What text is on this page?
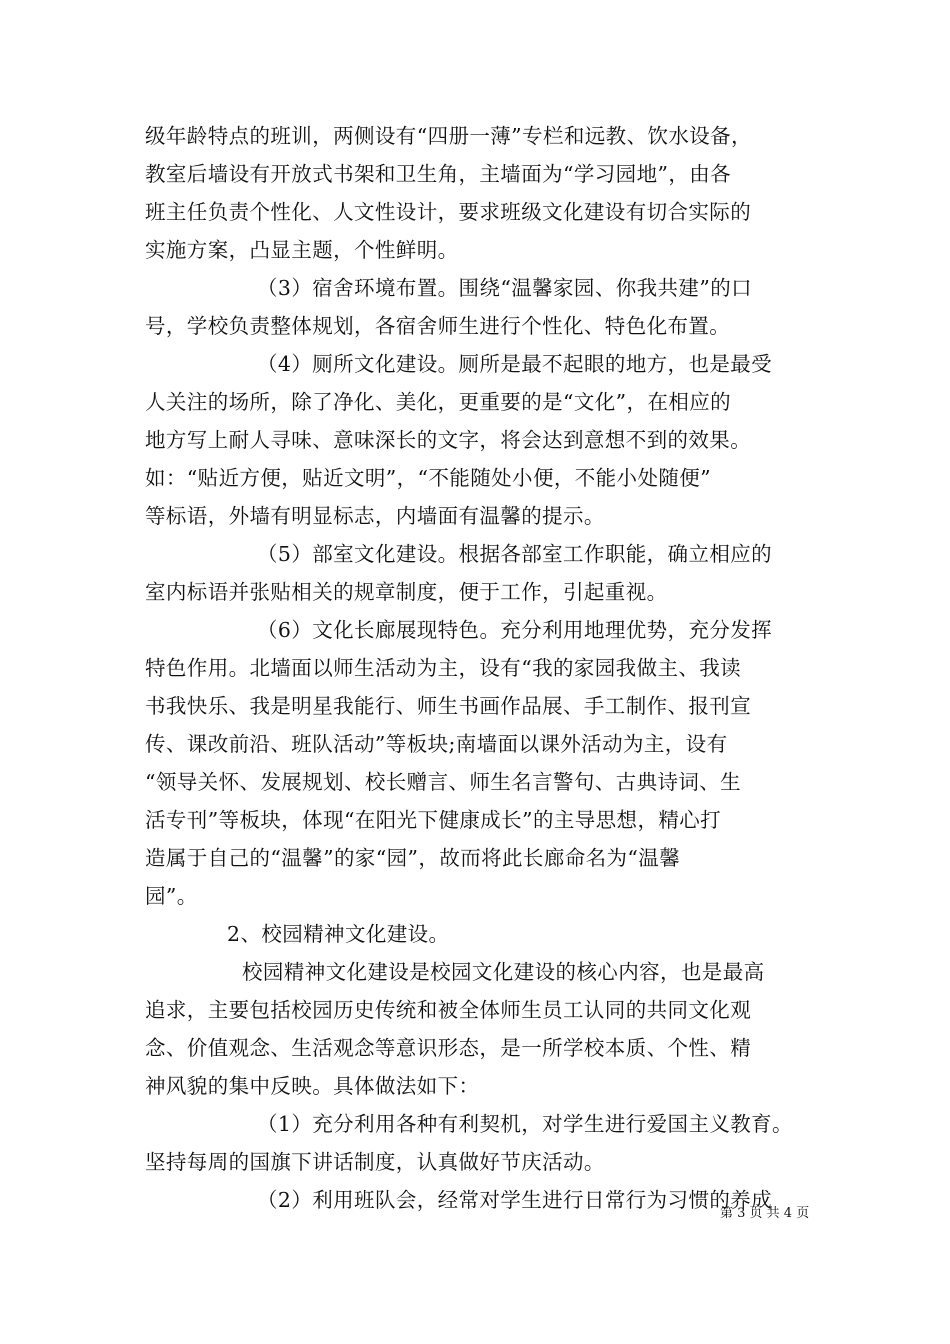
级年龄特点的班训，两侧设有“四册一薄”专栏和远教、饮水设备，
教室后墙设有开放式书架和卫生角，主墙面为“学习园地”，由各
班主任负责个性化、人文性设计，要求班级文化建设有切合实际的
实施方案，凸显主题，个性鲜明。
（3）宿舍环境布置。围绕“温馨家园、你我共建”的口
号，学校负责整体规划，各宿舍师生进行个性化、特色化布置。
（4）厕所文化建设。厕所是最不起眼的地方，也是最受
人关注的场所，除了净化、美化，更重要的是“文化”，在相应的
地方写上耐人寻味、意味深长的文字，将会达到意想不到的效果。
如：“贴近方便，贴近文明”，“不能随处小便，不能小处随便”
等标语，外墙有明显标志，内墙面有温馨的提示。
（5）部室文化建设。根据各部室工作职能，确立相应的
室内标语并张贴相关的规章制度，便于工作，引起重视。
（6）文化长廊展现特色。充分利用地理优势，充分发挥
特色作用。北墙面以师生活动为主，设有“我的家园我做主、我读
书我快乐、我是明星我能行、师生书画作品展、手工制作、报刊宣
传、课改前沿、班队活动”等板块;南墙面以课外活动为主，设有
“领导关怀、发展规划、校长赠言、师生名言警句、古典诗词、生
活专刊”等板块，体现“在阳光下健康成长”的主导思想，精心打
造属于自己的“温馨”的家“园”，故而将此长廊命名为“温馨
园”。
2、校园精神文化建设。
校园精神文化建设是校园文化建设的核心内容，也是最高
追求，主要包括校园历史传统和被全体师生员工认同的共同文化观
念、价值观念、生活观念等意识形态，是一所学校本质、个性、精
神风貌的集中反映。具体做法如下：
（1）充分利用各种有利契机，对学生进行爱国主义教育。
坚持每周的国旗下讲话制度，认真做好节庆活动。
（2）利用班队会，经常对学生进行日常行为习惯的养成
第 3 页 共 4 页
